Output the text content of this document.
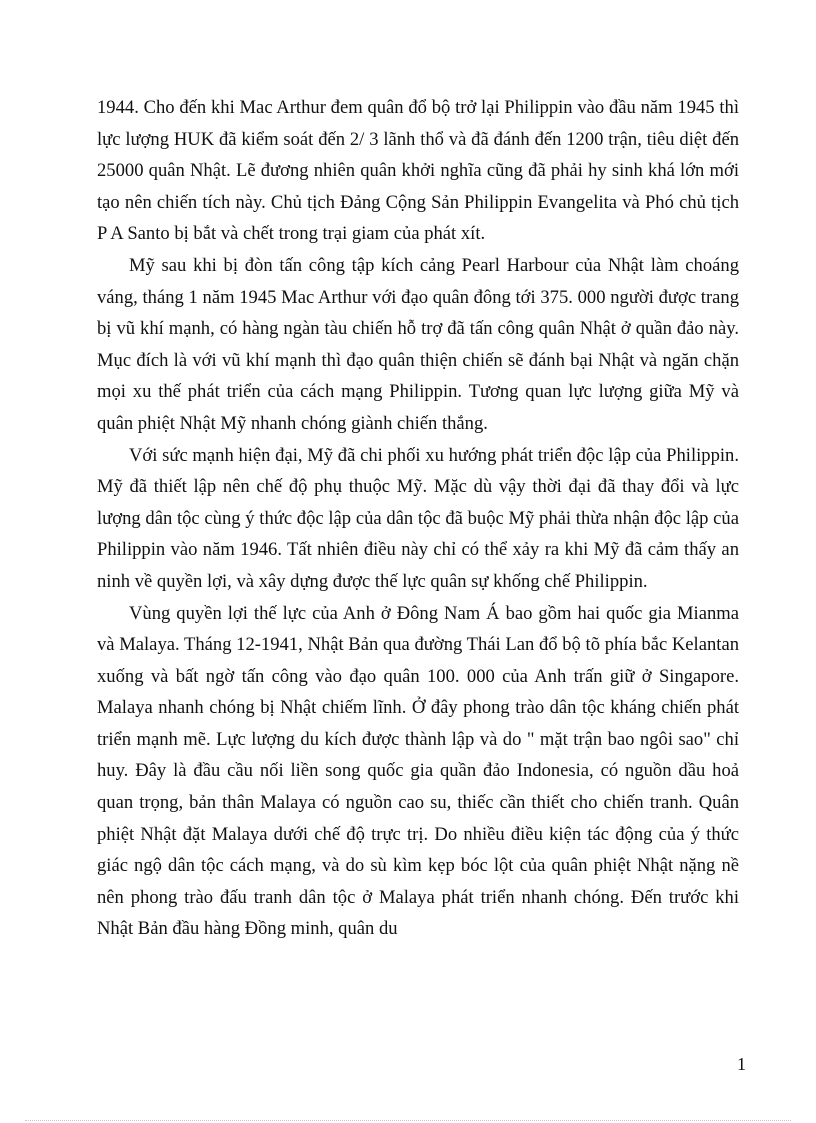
1944. Cho đến khi Mac Arthur đem quân đổ bộ trở lại Philippin vào đầu năm 1945 thì lực lượng HUK đã kiểm soát đến 2/ 3 lãnh thổ và đã đánh đến 1200 trận, tiêu diệt đến 25000 quân Nhật. Lẽ đương nhiên quân khởi nghĩa cũng đã phải hy sinh khá lớn mới tạo nên chiến tích này. Chủ tịch Đảng Cộng Sản Philippin Evangelita và Phó chủ tịch P A Santo bị bắt và chết trong trại giam của phát xít.

Mỹ sau khi bị đòn tấn công tập kích cảng Pearl Harbour của Nhật làm choáng váng, tháng 1 năm 1945 Mac Arthur với đạo quân đông tới 375. 000 người được trang bị vũ khí mạnh, có hàng ngàn tàu chiến hỗ trợ đã tấn công quân Nhật ở quần đảo này. Mục đích là với vũ khí mạnh thì đạo quân thiện chiến sẽ đánh bại Nhật và ngăn chặn mọi xu thế phát triển của cách mạng Philippin. Tương quan lực lượng giữa Mỹ và quân phiệt Nhật Mỹ nhanh chóng giành chiến thắng.

Với sức mạnh hiện đại, Mỹ đã chi phối xu hướng phát triển độc lập của Philippin. Mỹ đã thiết lập nên chế độ phụ thuộc Mỹ. Mặc dù vậy thời đại đã thay đổi và lực lượng dân tộc cùng ý thức độc lập của dân tộc đã buộc Mỹ phải thừa nhận độc lập của Philippin vào năm 1946. Tất nhiên điều này chỉ có thể xảy ra khi Mỹ đã cảm thấy an ninh về quyền lợi, và xây dựng được thế lực quân sự khống chế Philippin.

Vùng quyền lợi thế lực của Anh ở Đông Nam Á bao gồm hai quốc gia Mianma và Malaya. Tháng 12-1941, Nhật Bản qua đường Thái Lan đổ bộ tõ phía bắc Kelantan xuống và bất ngờ tấn công vào đạo quân 100. 000 của Anh trấn giữ ở Singapore. Malaya nhanh chóng bị Nhật chiếm lĩnh. Ở đây phong trào dân tộc kháng chiến phát triển mạnh mẽ. Lực lượng du kích được thành lập và do " mặt trận bao ngôi sao" chỉ huy. Đây là đầu cầu nối liền song quốc gia quần đảo Indonesia, có nguồn dầu hoả quan trọng, bản thân Malaya có nguồn cao su, thiếc cần thiết cho chiến tranh. Quân phiệt Nhật đặt Malaya dưới chế độ trực trị. Do nhiều điều kiện tác động của ý thức giác ngộ dân tộc cách mạng, và do sù kìm kẹp bóc lột của quân phiệt Nhật nặng nề nên phong trào đấu tranh dân tộc ở Malaya phát triển nhanh chóng. Đến trước khi Nhật Bản đầu hàng Đồng minh, quân du

1
